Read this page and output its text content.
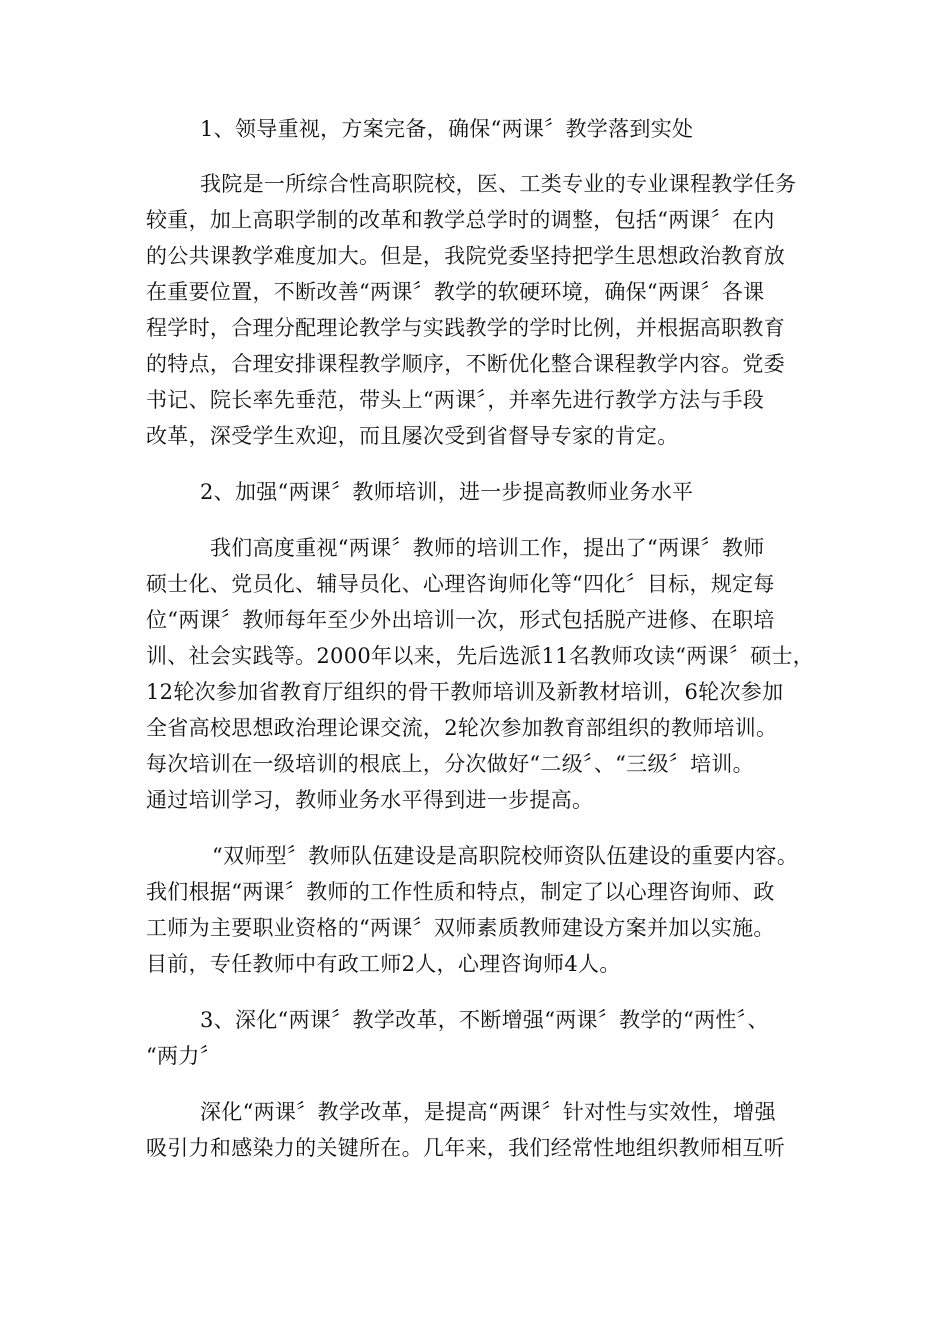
1、领导重视，方案完备，确保“两课〞教学落到实处
我院是一所综合性高职院校，医、工类专业的专业课程教学任务
较重，加上高职学制的改革和教学总学时的调整，包括“两课〞在内
的公共课教学难度加大。但是，我院党委坚持把学生思想政治教育放
在重要位置，不断改善“两课〞教学的软硬环境，确保“两课〞各课
程学时，合理分配理论教学与实践教学的学时比例，并根据高职教育
的特点，合理安排课程教学顺序，不断优化整合课程教学内容。党委
书记、院长率先垂范，带头上“两课〞，并率先进行教学方法与手段
改革，深受学生欢迎，而且屡次受到省督导专家的肯定。
2、加强“两课〞教师培训，进一步提高教师业务水平
我们高度重视“两课〞教师的培训工作，提出了“两课〞教师
硕士化、党员化、辅导员化、心理咨询师化等“四化〞目标，规定每
位“两课〞教师每年至少外出培训一次，形式包括脱产进修、在职培
训、社会实践等。2000年以来，先后选派11名教师攻读“两课〞硕士，
12轮次参加省教育厅组织的骨干教师培训及新教材培训，6轮次参加
全省高校思想政治理论课交流，2轮次参加教育部组织的教师培训。
每次培训在一级培训的根底上，分次做好“二级〞、“三级〞培训。
通过培训学习，教师业务水平得到进一步提高。
“双师型〞教师队伍建设是高职院校师资队伍建设的重要内容。
我们根据“两课〞教师的工作性质和特点，制定了以心理咨询师、政
工师为主要职业资格的“两课〞双师素质教师建设方案并加以实施。
目前，专任教师中有政工师2人，心理咨询师4人。
3、深化“两课〞教学改革，不断增强“两课〞教学的“两性〞、
“两力〞
深化“两课〞教学改革，是提高“两课〞针对性与实效性，增强
吸引力和感染力的关键所在。几年来，我们经常性地组织教师相互听
